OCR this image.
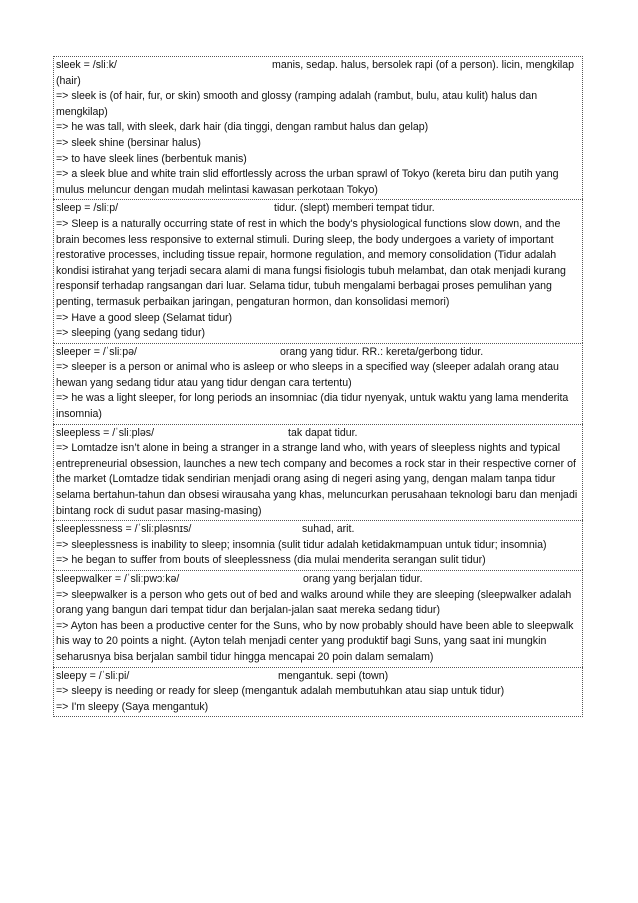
sleek = /sliːk/	manis, sedap. halus, bersolek rapi (of a person). licin, mengkilap
(hair)
=> sleek is (of hair, fur, or skin) smooth and glossy (ramping adalah (rambut, bulu, atau kulit) halus dan mengkilap)
=> he was tall, with sleek, dark hair (dia tinggi, dengan rambut halus dan gelap)
=> sleek shine (bersinar halus)
=> to have sleek lines (berbentuk manis)
=> a sleek blue and white train slid effortlessly across the urban sprawl of Tokyo (kereta biru dan putih yang mulus meluncur dengan mudah melintasi kawasan perkotaan Tokyo)
sleep = /sliːp/	tidur. (slept) memberi tempat tidur.
=> Sleep is a naturally occurring state of rest in which the body's physiological functions slow down, and the brain becomes less responsive to external stimuli. During sleep, the body undergoes a variety of important restorative processes, including tissue repair, hormone regulation, and memory consolidation (Tidur adalah kondisi istirahat yang terjadi secara alami di mana fungsi fisiologis tubuh melambat, dan otak menjadi kurang responsif terhadap rangsangan dari luar. Selama tidur, tubuh mengalami berbagai proses pemulihan yang penting, termasuk perbaikan jaringan, pengaturan hormon, dan konsolidasi memori)
=> Have a good sleep (Selamat tidur)
=> sleeping (yang sedang tidur)
sleeper = /ˈsliːpə/	orang yang tidur. RR.: kereta/gerbong tidur.
=> sleeper is a person or animal who is asleep or who sleeps in a specified way (sleeper adalah orang atau hewan yang sedang tidur atau yang tidur dengan cara tertentu)
=> he was a light sleeper, for long periods an insomniac (dia tidur nyenyak, untuk waktu yang lama menderita insomnia)
sleepless = /ˈsliːpləs/	tak dapat tidur.
=> Lomtadze isn’t alone in being a stranger in a strange land who, with years of sleepless nights and typical entrepreneurial obsession, launches a new tech company and becomes a rock star in their respective corner of the market (Lomtadze tidak sendirian menjadi orang asing di negeri asing yang, dengan malam tanpa tidur selama bertahun-tahun dan obsesi wirausaha yang khas, meluncurkan perusahaan teknologi baru dan menjadi bintang rock di sudut pasar masing-masing)
sleeplessness = /ˈsliːpləsnɪs/	suhad, arit.
=> sleeplessness is inability to sleep; insomnia (sulit tidur adalah ketidakmampuan untuk tidur; insomnia)
=> he began to suffer from bouts of sleeplessness (dia mulai menderita serangan sulit tidur)
sleepwalker = /ˈsliːpwɔːkə/	orang yang berjalan tidur.
=> sleepwalker is a person who gets out of bed and walks around while they are sleeping (sleepwalker adalah orang yang bangun dari tempat tidur dan berjalan-jalan saat mereka sedang tidur)
=> Ayton has been a productive center for the Suns, who by now probably should have been able to sleepwalk his way to 20 points a night. (Ayton telah menjadi center yang produktif bagi Suns, yang saat ini mungkin seharusnya bisa berjalan sambil tidur hingga mencapai 20 poin dalam semalam)
sleepy = /ˈsliːpi/	mengantuk. sepi (town)
=> sleepy is needing or ready for sleep (mengantuk adalah membutuhkan atau siap untuk tidur)
=> I'm sleepy (Saya mengantuk)
